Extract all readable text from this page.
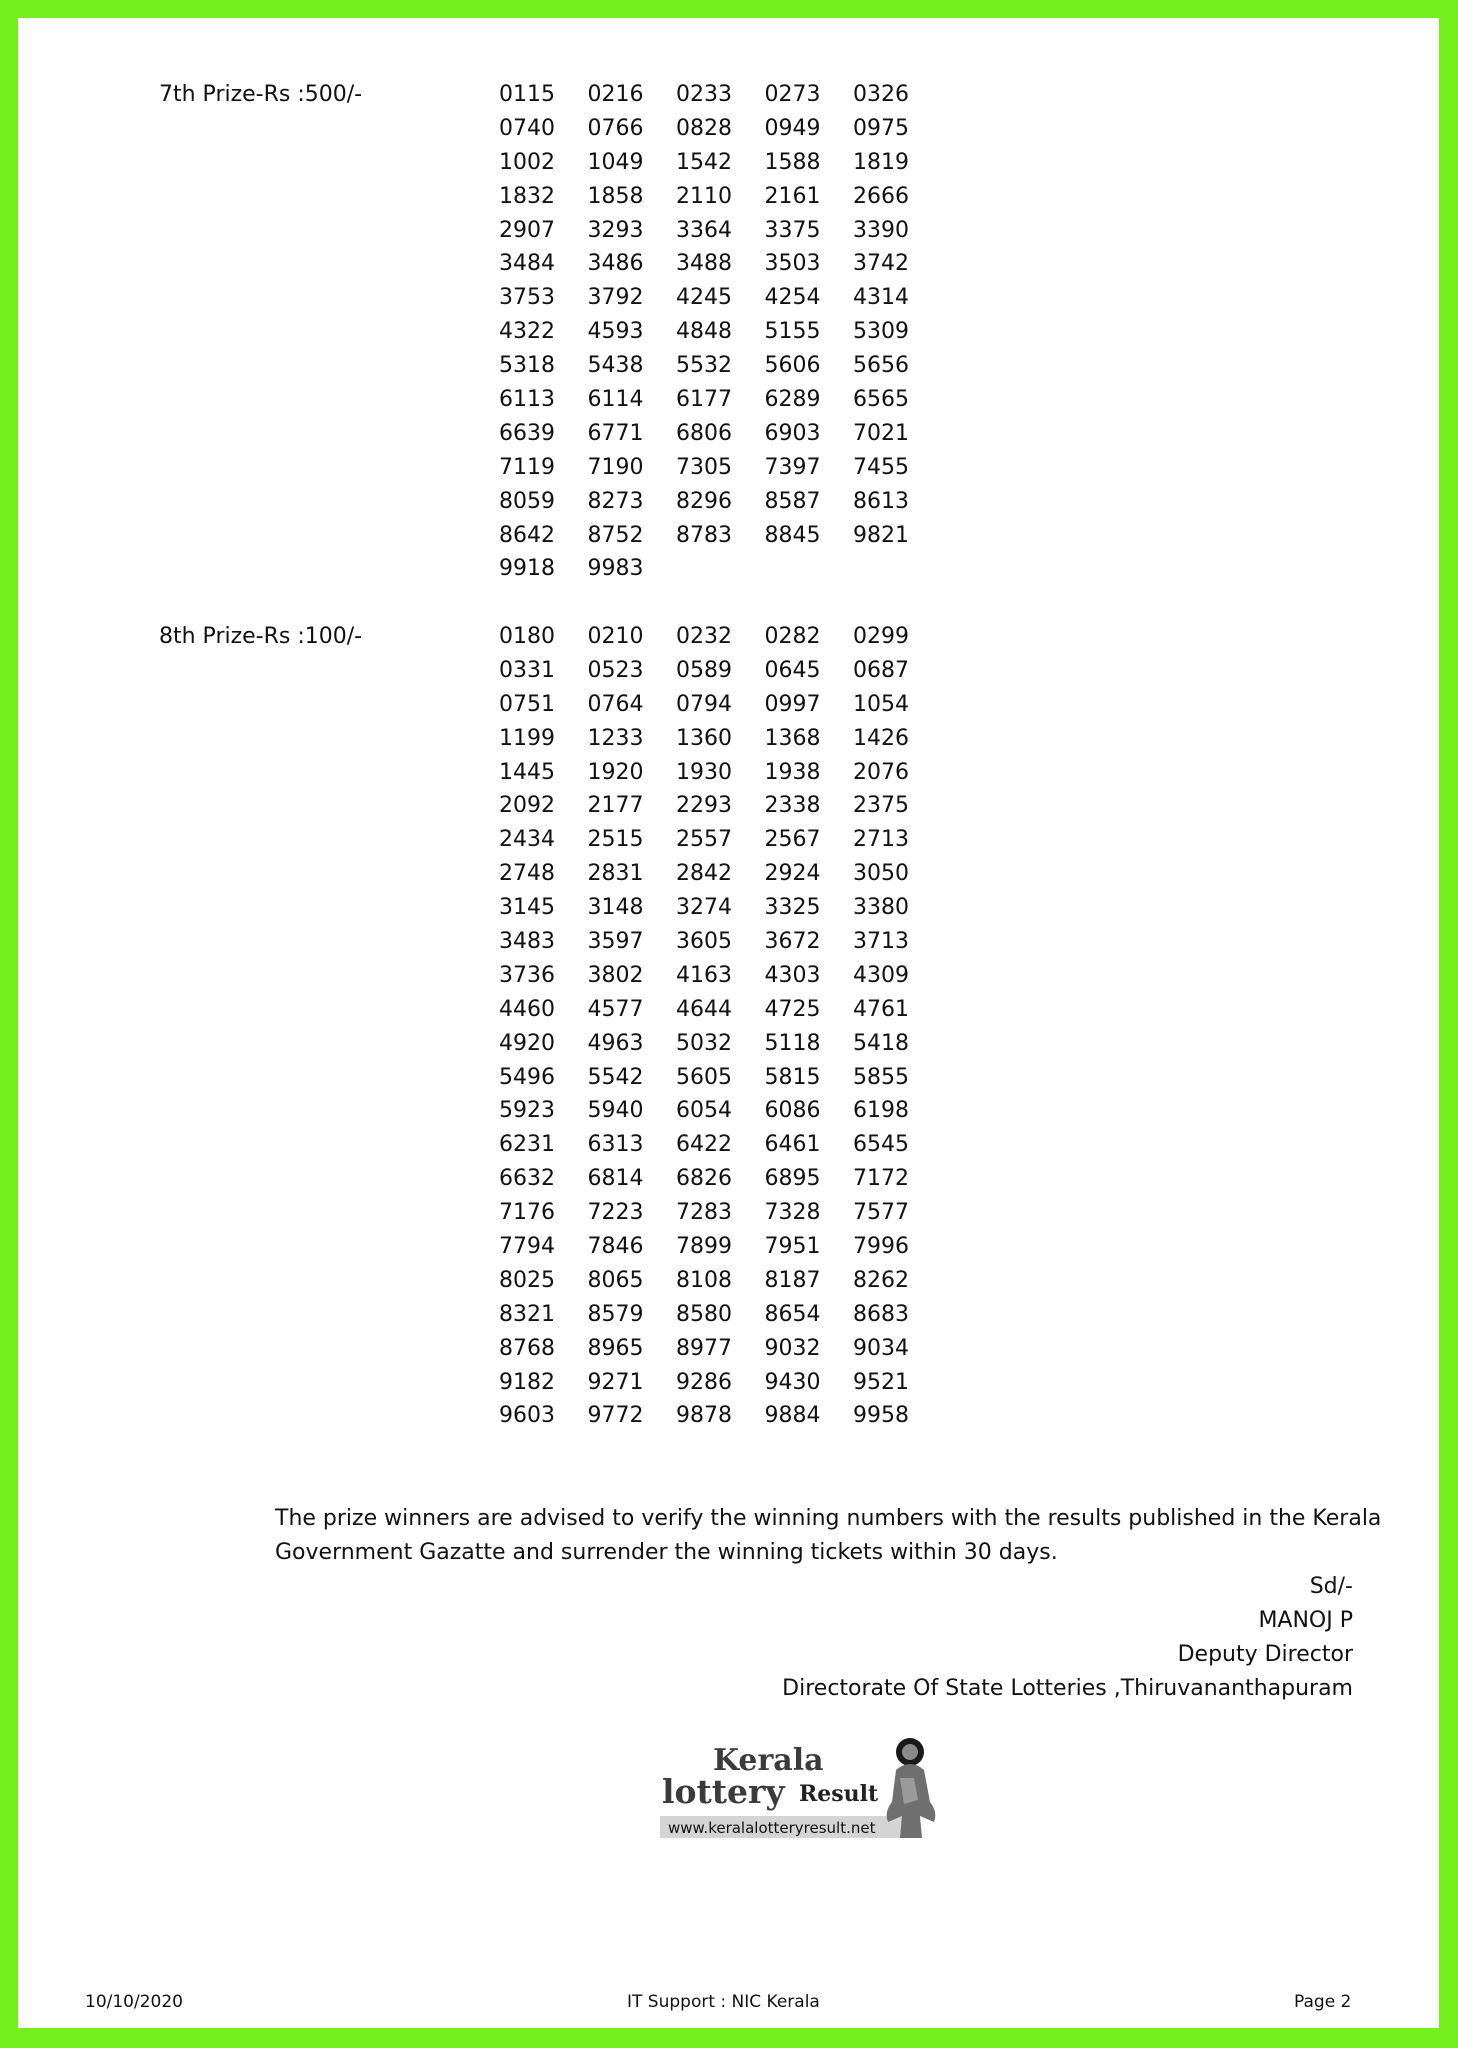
7th Prize-Rs :500/-	0115	0216	0233	0273	0326
0740	0766	0828	0949	0975
1002	1049	1542	1588	1819
1832	1858	2110	2161	2666
2907	3293	3364	3375	3390
3484	3486	3488	3503	3742
3753	3792	4245	4254	4314
4322	4593	4848	5155	5309
5318	5438	5532	5606	5656
6113	6114	6177	6289	6565
6639	6771	6806	6903	7021
7119	7190	7305	7397	7455
8059	8273	8296	8587	8613
8642	8752	8783	8845	9821
9918	9983
8th Prize-Rs :100/-	0180	0210	0232	0282	0299
0331	0523	0589	0645	0687
0751	0764	0794	0997	1054
1199	1233	1360	1368	1426
1445	1920	1930	1938	2076
2092	2177	2293	2338	2375
2434	2515	2557	2567	2713
2748	2831	2842	2924	3050
3145	3148	3274	3325	3380
3483	3597	3605	3672	3713
3736	3802	4163	4303	4309
4460	4577	4644	4725	4761
4920	4963	5032	5118	5418
5496	5542	5605	5815	5855
5923	5940	6054	6086	6198
6231	6313	6422	6461	6545
6632	6814	6826	6895	7172
7176	7223	7283	7328	7577
7794	7846	7899	7951	7996
8025	8065	8108	8187	8262
8321	8579	8580	8654	8683
8768	8965	8977	9032	9034
9182	9271	9286	9430	9521
9603	9772	9878	9884	9958
The prize winners are advised to verify the winning numbers with the results published in the Kerala Government Gazatte and surrender the winning tickets within 30 days.
Sd/-
MANOJ P
Deputy Director
Directorate Of State Lotteries ,Thiruvananthapuram
Kerala
lottery Result
www.keralalotteryresult.net
10/10/2020	IT Support : NIC Kerala	Page 2
